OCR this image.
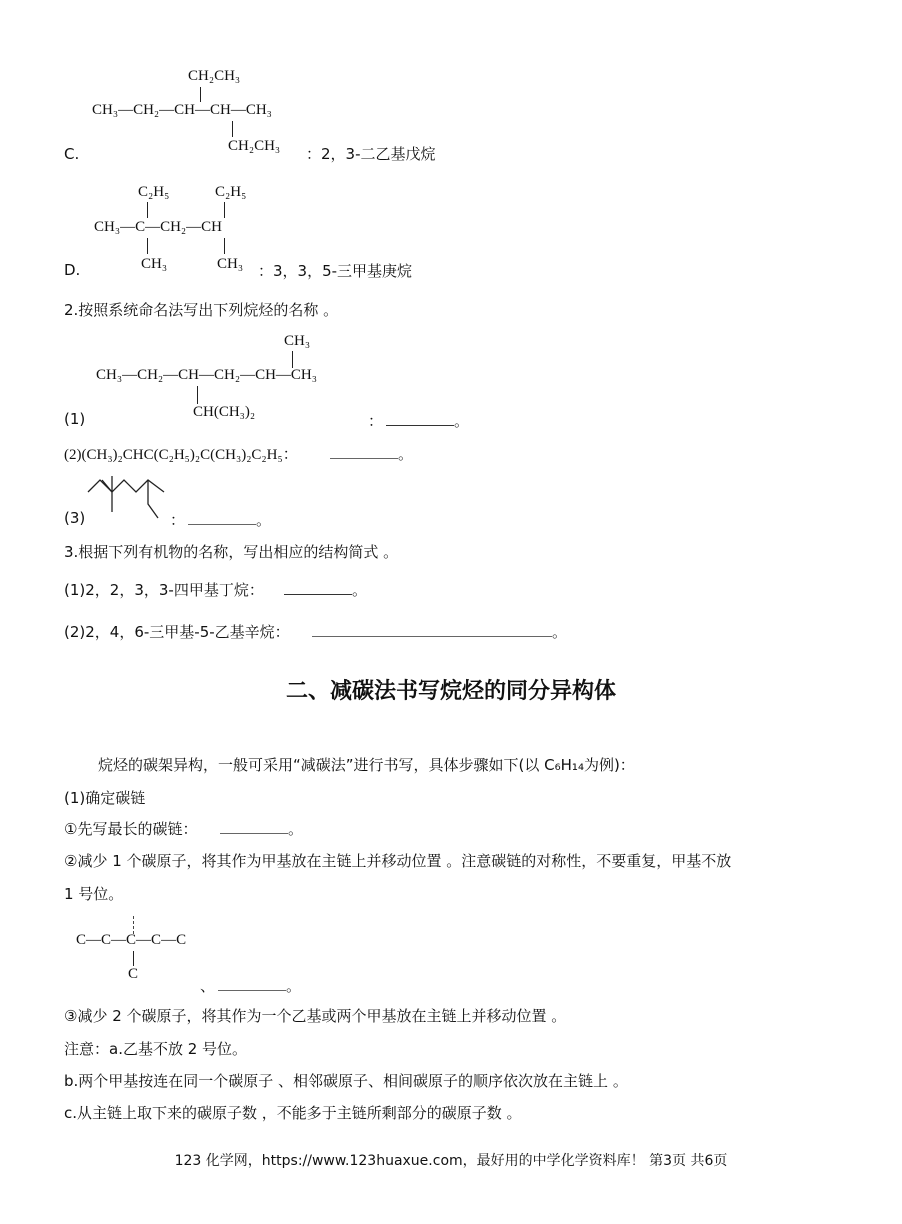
CH₂CH₃
CH₃—CH₂—CH—CH—CH₃
CH₂CH₃
C.	：2，3-二乙基戊烷
C₂H₅	C₂H₅
CH₃—C—CH₂—CH
CH₃	CH₃
D.	：3，3，5-三甲基庚烷
2.按照系统命名法写出下列烷烃的名称 。
CH₃
CH₃—CH₂—CH—CH₂—CH—CH₃
CH(CH₃)₂
(1)	：	。
(2)(CH₃)₂CHC(C₂H₅)₂C(CH₃)₂C₂H₅：	。
(3)	：	。
3.根据下列有机物的名称，写出相应的结构简式 。
(1)2，2，3，3-四甲基丁烷：	。
(2)2，4，6-三甲基-5-乙基辛烷：	。
二、减碳法书写烷烃的同分异构体
烷烃的碳架异构，一般可采用“减碳法”进行书写，具体步骤如下(以 C₆H₁₄为例)：
(1)确定碳链
①先写最长的碳链：	。
②减少 1 个碳原子，将其作为甲基放在主链上并移动位置 。注意碳链的对称性，不要重复，甲基不放
1 号位。
C—C—C—C—C
C
、	。
③减少 2 个碳原子，将其作为一个乙基或两个甲基放在主链上并移动位置 。
注意：a.乙基不放 2 号位。
b.两个甲基按连在同一个碳原子 、相邻碳原子、相间碳原子的顺序依次放在主链上 。
c.从主链上取下来的碳原子数 ，不能多于主链所剩部分的碳原子数 。
123 化学网，https://www.123huaxue.com，最好用的中学化学资料库！ 第3页 共6页
